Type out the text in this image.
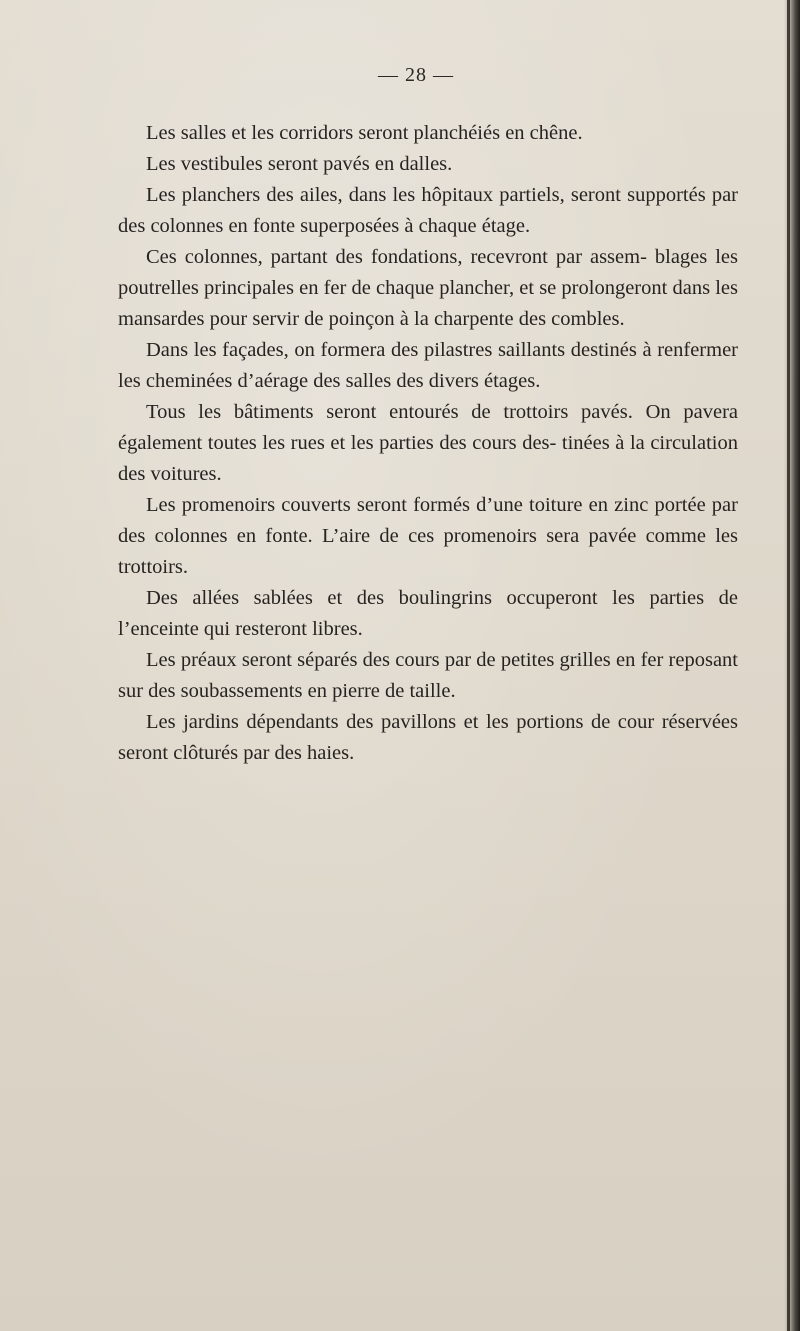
— 28 —

Les salles et les corridors seront planchéiés en chêne.

Les vestibules seront pavés en dalles.

Les planchers des ailes, dans les hôpitaux partiels, seront supportés par des colonnes en fonte superposées à chaque étage.

Ces colonnes, partant des fondations, recevront par assem- blages les poutrelles principales en fer de chaque plancher, et se prolongeront dans les mansardes pour servir de poinçon à la charpente des combles.

Dans les façades, on formera des pilastres saillants destinés à renfermer les cheminées d’aérage des salles des divers étages.

Tous les bâtiments seront entourés de trottoirs pavés. On pavera également toutes les rues et les parties des cours des- tinées à la circulation des voitures.

Les promenoirs couverts seront formés d’une toiture en zinc portée par des colonnes en fonte. L’aire de ces promenoirs sera pavée comme les trottoirs.

Des allées sablées et des boulingrins occuperont les parties de l’enceinte qui resteront libres.

Les préaux seront séparés des cours par de petites grilles en fer reposant sur des soubassements en pierre de taille.

Les jardins dépendants des pavillons et les portions de cour réservées seront clôturés par des haies.
